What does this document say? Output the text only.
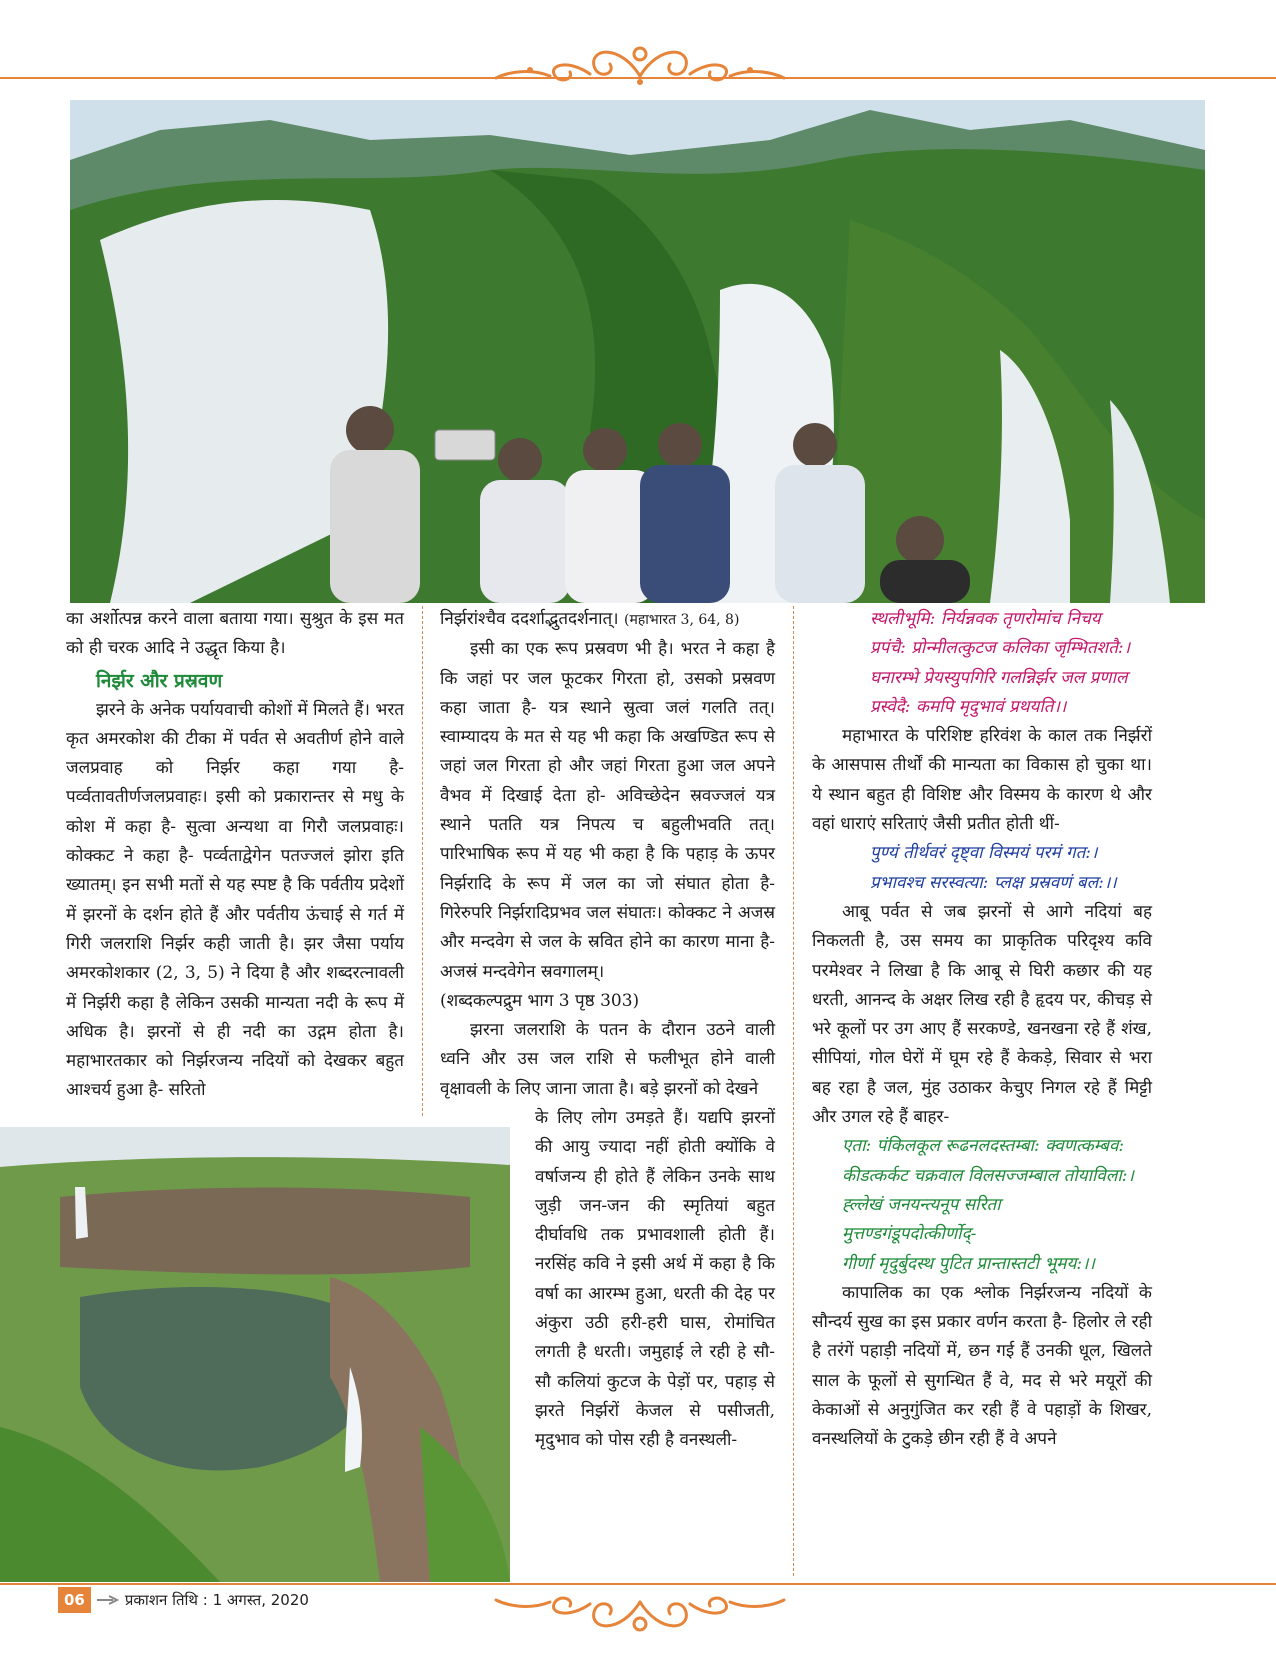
का अर्शोत्पन्न करने वाला बताया गया। सुश्रुत के इस मत को ही चरक आदि ने उद्धृत किया है।

निर्झर और प्रस्रवण

झरने के अनेक पर्यायवाची कोशों में मिलते हैं। भरत कृत अमरकोश की टीका में पर्वत से अवतीर्ण होने वाले जलप्रवाह को निर्झर कहा गया है- पर्व्वतावतीर्णजलप्रवाहः। इसी को प्रकारान्तर से मधु के कोश में कहा है- सुत्वा अन्यथा वा गिरौ जलप्रवाहः। कोक्कट ने कहा है- पर्व्वताद्वेगेन पतज्जलं झोरा इति ख्यातम्। इन सभी मतों से यह स्पष्ट है कि पर्वतीय प्रदेशों में झरनों के दर्शन होते हैं और पर्वतीय ऊंचाई से गर्त में गिरी जलराशि निर्झर कही जाती है। झर जैसा पर्याय अमरकोशकार (2, 3, 5) ने दिया है और शब्दरत्नावली में निर्झरी कहा है लेकिन उसकी मान्यता नदी के रूप में अधिक है। झरनों से ही नदी का उद्गम होता है। महाभारतकार को निर्झरजन्य नदियों को देखकर बहुत आश्चर्य हुआ है- सरितो

निर्झरांश्चैव ददर्शाद्भुतदर्शनात्। (महाभारत 3, 64, 8)

इसी का एक रूप प्रस्रवण भी है। भरत ने कहा है कि जहां पर जल फूटकर गिरता हो, उसको प्रस्रवण कहा जाता है- यत्र स्थाने स्रुत्वा जलं गलति तत्। स्वाम्यादय के मत से यह भी कहा कि अखण्डित रूप से जहां जल गिरता हो और जहां गिरता हुआ जल अपने वैभव में दिखाई देता हो- अविच्छेदेन स्रवज्जलं यत्र स्थाने पतति यत्र निपत्य च बहुलीभवति तत्। पारिभाषिक रूप में यह भी कहा है कि पहाड़ के ऊपर निर्झरादि के रूप में जल का जो संघात होता है- गिरेरुपरि निर्झरादिप्रभव जल संघातः। कोक्कट ने अजस्र और मन्दवेग से जल के स्रवित होने का कारण माना है- अजस्रं मन्दवेगेन स्रवगालम्।

(शब्दकल्पद्रुम भाग 3 पृष्ठ 303)

झरना जलराशि के पतन के दौरान उठने वाली ध्वनि और उस जल राशि से फलीभूत होने वाली वृक्षावली के लिए जाना जाता है। बड़े झरनों को देखने

के लिए लोग उमड़ते हैं। यद्यपि झरनों की आयु ज्यादा नहीं होती क्योंकि वे वर्षाजन्य ही होते हैं लेकिन उनके साथ जुड़ी जन-जन की स्मृतियां बहुत दीर्घावधि तक प्रभावशाली होती हैं। नरसिंह कवि ने इसी अर्थ में कहा है कि वर्षा का आरम्भ हुआ, धरती की देह पर अंकुरा उठी हरी-हरी घास, रोमांचित लगती है धरती। जमुहाई ले रही हे सौ-सौ कलियां कुटज के पेड़ों पर, पहाड़ से झरते निर्झरों केजल से पसीजती, मृदुभाव को पोस रही है वनस्थली-

स्थलीभूमि: निर्यन्नवक तृणरोमांच निचय

प्रपंचै: प्रोन्मीलत्कुटज कलिका जृम्भितशतै:।

घनारम्भे प्रेयस्युपगिरि गलन्निर्झर जल प्रणाल

प्रस्वेदै: कमपि मृदुभावं प्रथयति।।

महाभारत के परिशिष्ट हरिवंश के काल तक निर्झरों के आसपास तीर्थों की मान्यता का विकास हो चुका था। ये स्थान बहुत ही विशिष्ट और विस्मय के कारण थे और वहां धाराएं सरिताएं जैसी प्रतीत होती थीं-

पुण्यं तीर्थवरं दृष्ट्वा विस्मयं परमं गत:।

प्रभावश्च सरस्वत्या: प्लक्ष प्रस्रवणं बल:।।

आबू पर्वत से जब झरनों से आगे नदियां बह निकलती है, उस समय का प्राकृतिक परिदृश्य कवि परमेश्वर ने लिखा है कि आबू से घिरी कछार की यह धरती, आनन्द के अक्षर लिख रही है हृदय पर, कीचड़ से भरे कूलों पर उग आए हैं सरकण्डे, खनखना रहे हैं शंख, सीपियां, गोल घेरों में घूम रहे हैं केकड़े, सिवार से भरा बह रहा है जल, मुंह उठाकर केचुए निगल रहे हैं मिट्टी और उगल रहे हैं बाहर-

एता: पंकिलकूल रूढनलदस्तम्बा: क्वणत्कम्बव:

कीडत्कर्कट चक्रवाल विलसज्जम्बाल तोयाविला:।

ह्ल्लेखं जनयन्त्यनूप सरिता

मुत्तण्डगंडूपदोत्कीर्णोद्-

गीर्णा मृदुर्बुदस्थ पुटित प्रान्तास्तटी भूमय:।।

कापालिक का एक श्लोक निर्झरजन्य नदियों के सौन्दर्य सुख का इस प्रकार वर्णन करता है- हिलोर ले रही है तरंगें पहाड़ी नदियों में, छन गई हैं उनकी धूल, खिलते साल के फूलों से सुगन्धित हैं वे, मद से भरे मयूरों की केकाओं से अनुगुंजित कर रही हैं वे पहाड़ों के शिखर, वनस्थलियों के टुकड़े छीन रही हैं वे अपने

06	प्रकाशन तिथि : 1 अगस्त, 2020
